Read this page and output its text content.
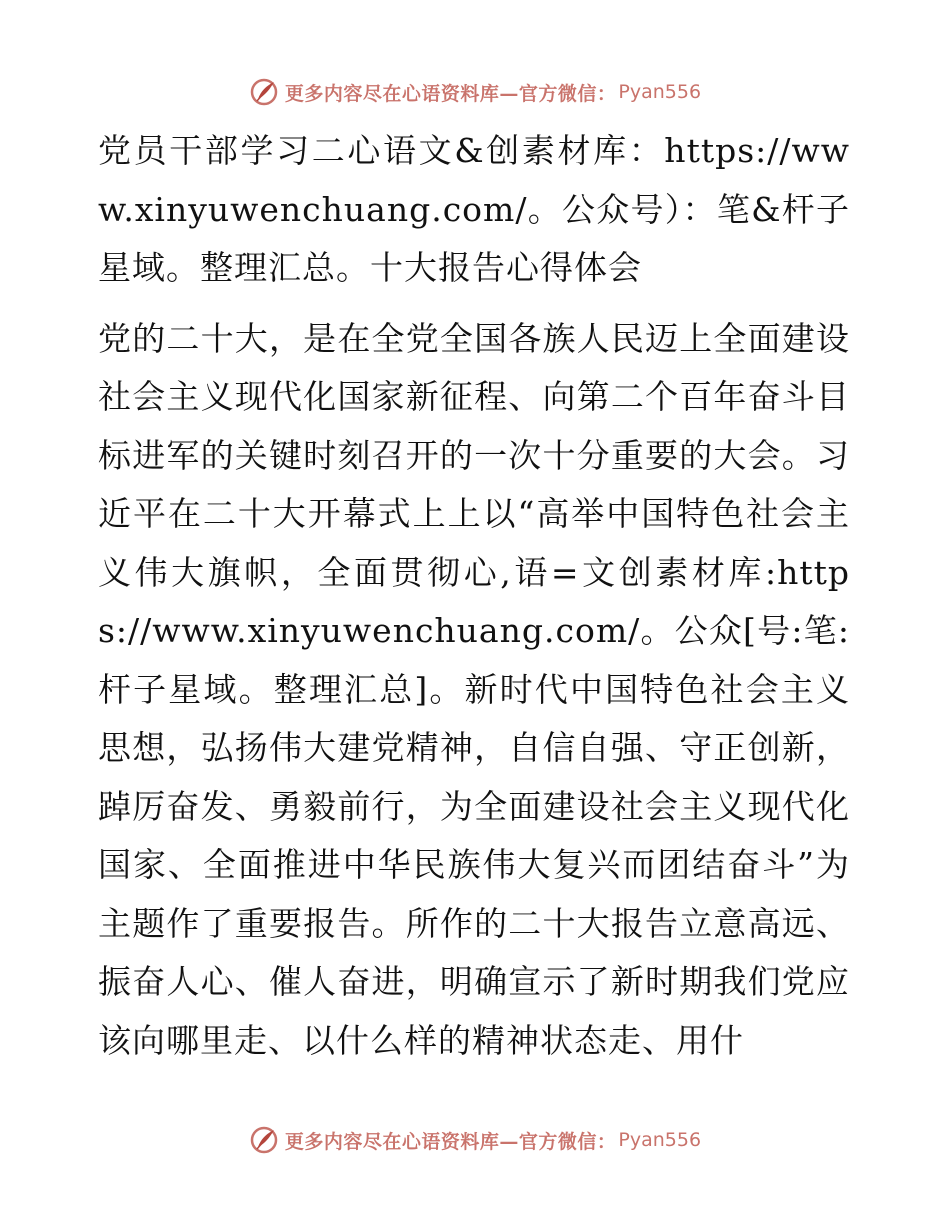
更多内容尽在心语资料库—官方微信： Pyan556

党员干部学习二心语文&创素材库：https://www.xinyuwenchuang.com/。公众号）：笔&杆子星域。整理汇总。十大报告心得体会

党的二十大，是在全党全国各族人民迈上全面建设社会主义现代化国家新征程、向第二个百年奋斗目标进军的关键时刻召开的一次十分重要的大会。习近平在二十大开幕式上上以“高举中国特色社会主义伟大旗帜，全面贯彻心,语=文创素材库:https://www.xinyuwenchuang.com/。公众[号:笔:杆子星域。整理汇总]。新时代中国特色社会主义思想，弘扬伟大建党精神，自信自强、守正创新，踔厉奋发、勇毅前行，为全面建设社会主义现代化国家、全面推进中华民族伟大复兴而团结奋斗”为主题作了重要报告。所作的二十大报告立意高远、振奋人心、催人奋进，明确宣示了新时期我们党应该向哪里走、以什么样的精神状态走、用什

更多内容尽在心语资料库—官方微信： Pyan556
